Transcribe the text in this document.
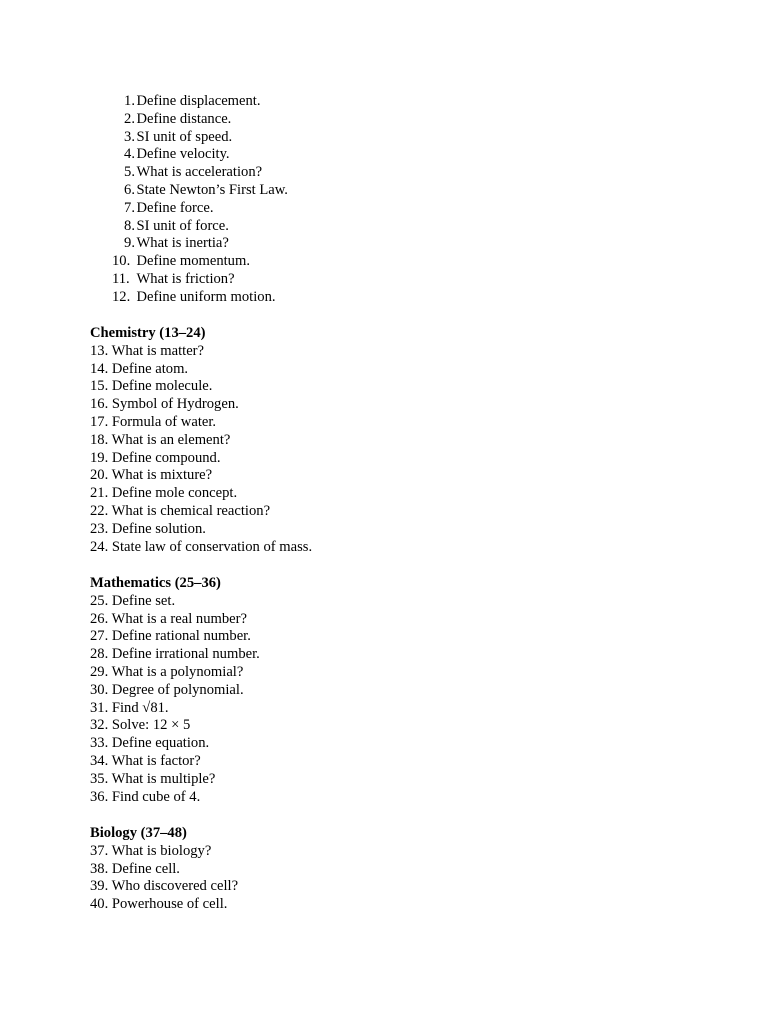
1. Define displacement.
2. Define distance.
3. SI unit of speed.
4. Define velocity.
5. What is acceleration?
6. State Newton’s First Law.
7. Define force.
8. SI unit of force.
9. What is inertia?
10. Define momentum.
11. What is friction?
12. Define uniform motion.
Chemistry (13–24)
13. What is matter?
14. Define atom.
15. Define molecule.
16. Symbol of Hydrogen.
17. Formula of water.
18. What is an element?
19. Define compound.
20. What is mixture?
21. Define mole concept.
22. What is chemical reaction?
23. Define solution.
24. State law of conservation of mass.
Mathematics (25–36)
25. Define set.
26. What is a real number?
27. Define rational number.
28. Define irrational number.
29. What is a polynomial?
30. Degree of polynomial.
31. Find √81.
32. Solve: 12 × 5
33. Define equation.
34. What is factor?
35. What is multiple?
36. Find cube of 4.
Biology (37–48)
37. What is biology?
38. Define cell.
39. Who discovered cell?
40. Powerhouse of cell.
